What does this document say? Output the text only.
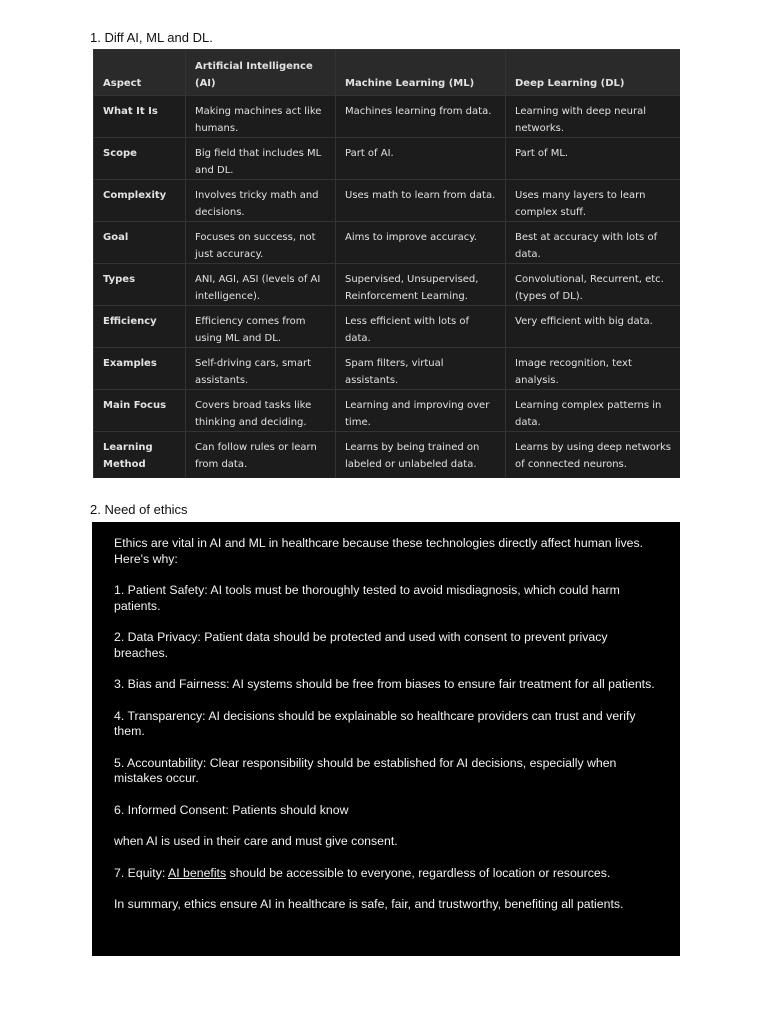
1. Diff AI, ML and DL.
Aspect	Artificial Intelligence (AI)	Machine Learning (ML)	Deep Learning (DL)
What It Is	Making machines act like humans.	Machines learning from data.	Learning with deep neural networks.
Scope	Big field that includes ML and DL.	Part of AI.	Part of ML.
Complexity	Involves tricky math and decisions.	Uses math to learn from data.	Uses many layers to learn complex stuff.
Goal	Focuses on success, not just accuracy.	Aims to improve accuracy.	Best at accuracy with lots of data.
Types	ANI, AGI, ASI (levels of AI intelligence).	Supervised, Unsupervised, Reinforcement Learning.	Convolutional, Recurrent, etc. (types of DL).
Efficiency	Efficiency comes from using ML and DL.	Less efficient with lots of data.	Very efficient with big data.
Examples	Self-driving cars, smart assistants.	Spam filters, virtual assistants.	Image recognition, text analysis.
Main Focus	Covers broad tasks like thinking and deciding.	Learning and improving over time.	Learning complex patterns in data.
Learning Method	Can follow rules or learn from data.	Learns by being trained on labeled or unlabeled data.	Learns by using deep networks of connected neurons.
2. Need of ethics

Ethics are vital in AI and ML in healthcare because these technologies directly affect human lives. Here's why:

1. Patient Safety: AI tools must be thoroughly tested to avoid misdiagnosis, which could harm patients.

2. Data Privacy: Patient data should be protected and used with consent to prevent privacy breaches.

3. Bias and Fairness: AI systems should be free from biases to ensure fair treatment for all patients.

4. Transparency: AI decisions should be explainable so healthcare providers can trust and verify them.

5. Accountability: Clear responsibility should be established for AI decisions, especially when mistakes occur.

6. Informed Consent: Patients should know

when AI is used in their care and must give consent.

7. Equity: AI benefits should be accessible to everyone, regardless of location or resources.

In summary, ethics ensure AI in healthcare is safe, fair, and trustworthy, benefiting all patients.
